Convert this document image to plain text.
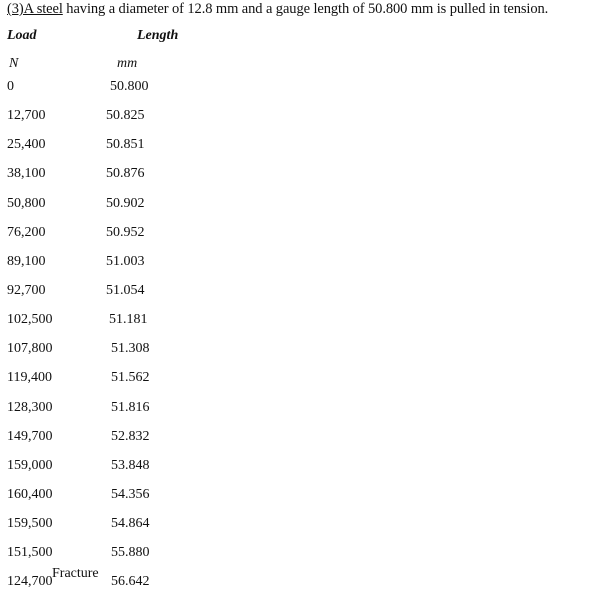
(3)A steel having a diameter of 12.8 mm and a gauge length of 50.800 mm is pulled in tension.
Load	Length
N	mm
0	50.800
12,700	50.825
25,400	50.851
38,100	50.876
50,800	50.902
76,200	50.952
89,100	51.003
92,700	51.054
102,500	51.181
107,800	51.308
119,400	51.562
128,300	51.816
149,700	52.832
159,000	53.848
160,400	54.356
159,500	54.864
151,500	55.880
124,700	56.642
Fracture
